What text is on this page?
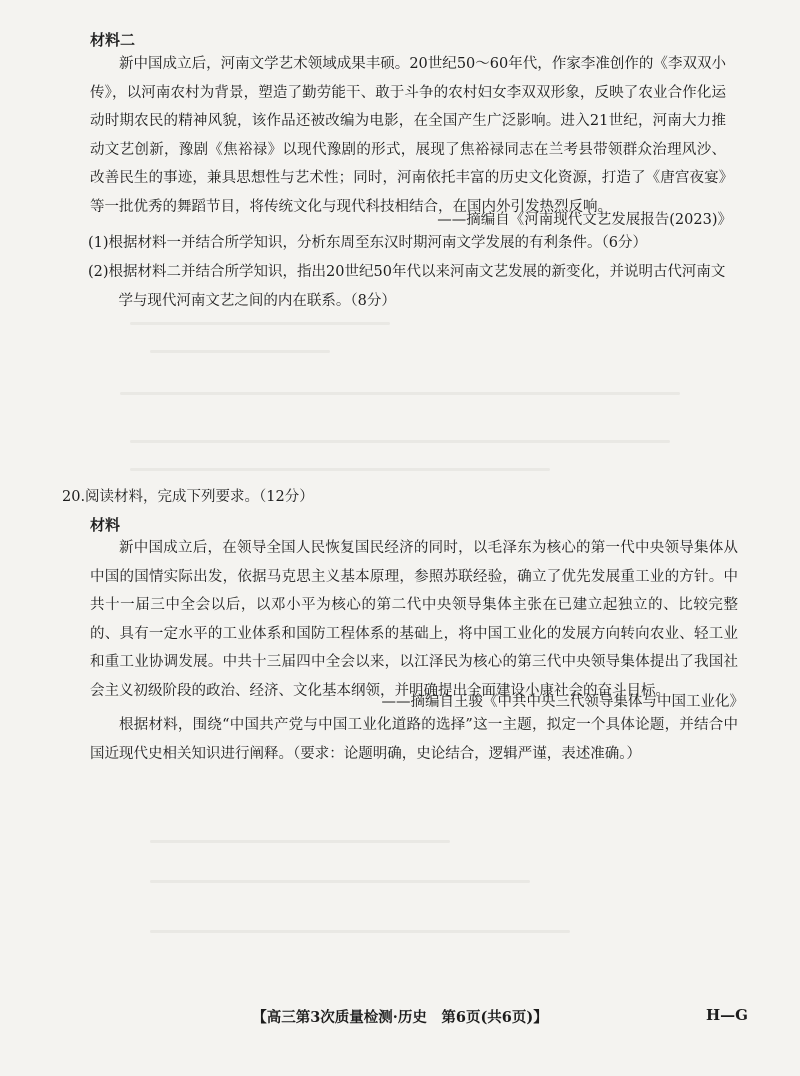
材料二

新中国成立后，河南文学艺术领域成果丰硕。20世纪50～60年代，作家李准创作的《李双双小传》，以河南农村为背景，塑造了勤劳能干、敢于斗争的农村妇女李双双形象，反映了农业合作化运动时期农民的精神风貌，该作品还被改编为电影，在全国产生广泛影响。进入21世纪，河南大力推动文艺创新，豫剧《焦裕禄》以现代豫剧的形式，展现了焦裕禄同志在兰考县带领群众治理风沙、改善民生的事迹，兼具思想性与艺术性；同时，河南依托丰富的历史文化资源，打造了《唐宫夜宴》等一批优秀的舞蹈节目，将传统文化与现代科技相结合，在国内外引发热烈反响。

——摘编自《河南现代文艺发展报告(2023)》
(1)根据材料一并结合所学知识，分析东周至东汉时期河南文学发展的有利条件。（6分）
(2)根据材料二并结合所学知识，指出20世纪50年代以来河南文艺发展的新变化，并说明古代河南文学与现代河南文艺之间的内在联系。（8分）
20.阅读材料，完成下列要求。（12分）
材料

新中国成立后，在领导全国人民恢复国民经济的同时，以毛泽东为核心的第一代中央领导集体从中国的国情实际出发，依据马克思主义基本原理，参照苏联经验，确立了优先发展重工业的方针。中共十一届三中全会以后，以邓小平为核心的第二代中央领导集体主张在已建立起独立的、比较完整的、具有一定水平的工业体系和国防工程体系的基础上，将中国工业化的发展方向转向农业、轻工业和重工业协调发展。中共十三届四中全会以来，以江泽民为核心的第三代中央领导集体提出了我国社会主义初级阶段的政治、经济、文化基本纲领，并明确提出全面建设小康社会的奋斗目标。

——摘编自王骏《中共中央三代领导集体与中国工业化》

根据材料，围绕“中国共产党与中国工业化道路的选择”这一主题，拟定一个具体论题，并结合中国近现代史相关知识进行阐释。（要求：论题明确，史论结合，逻辑严谨，表述准确。）

【高三第3次质量检测·历史　第6页(共6页)】	H—G
